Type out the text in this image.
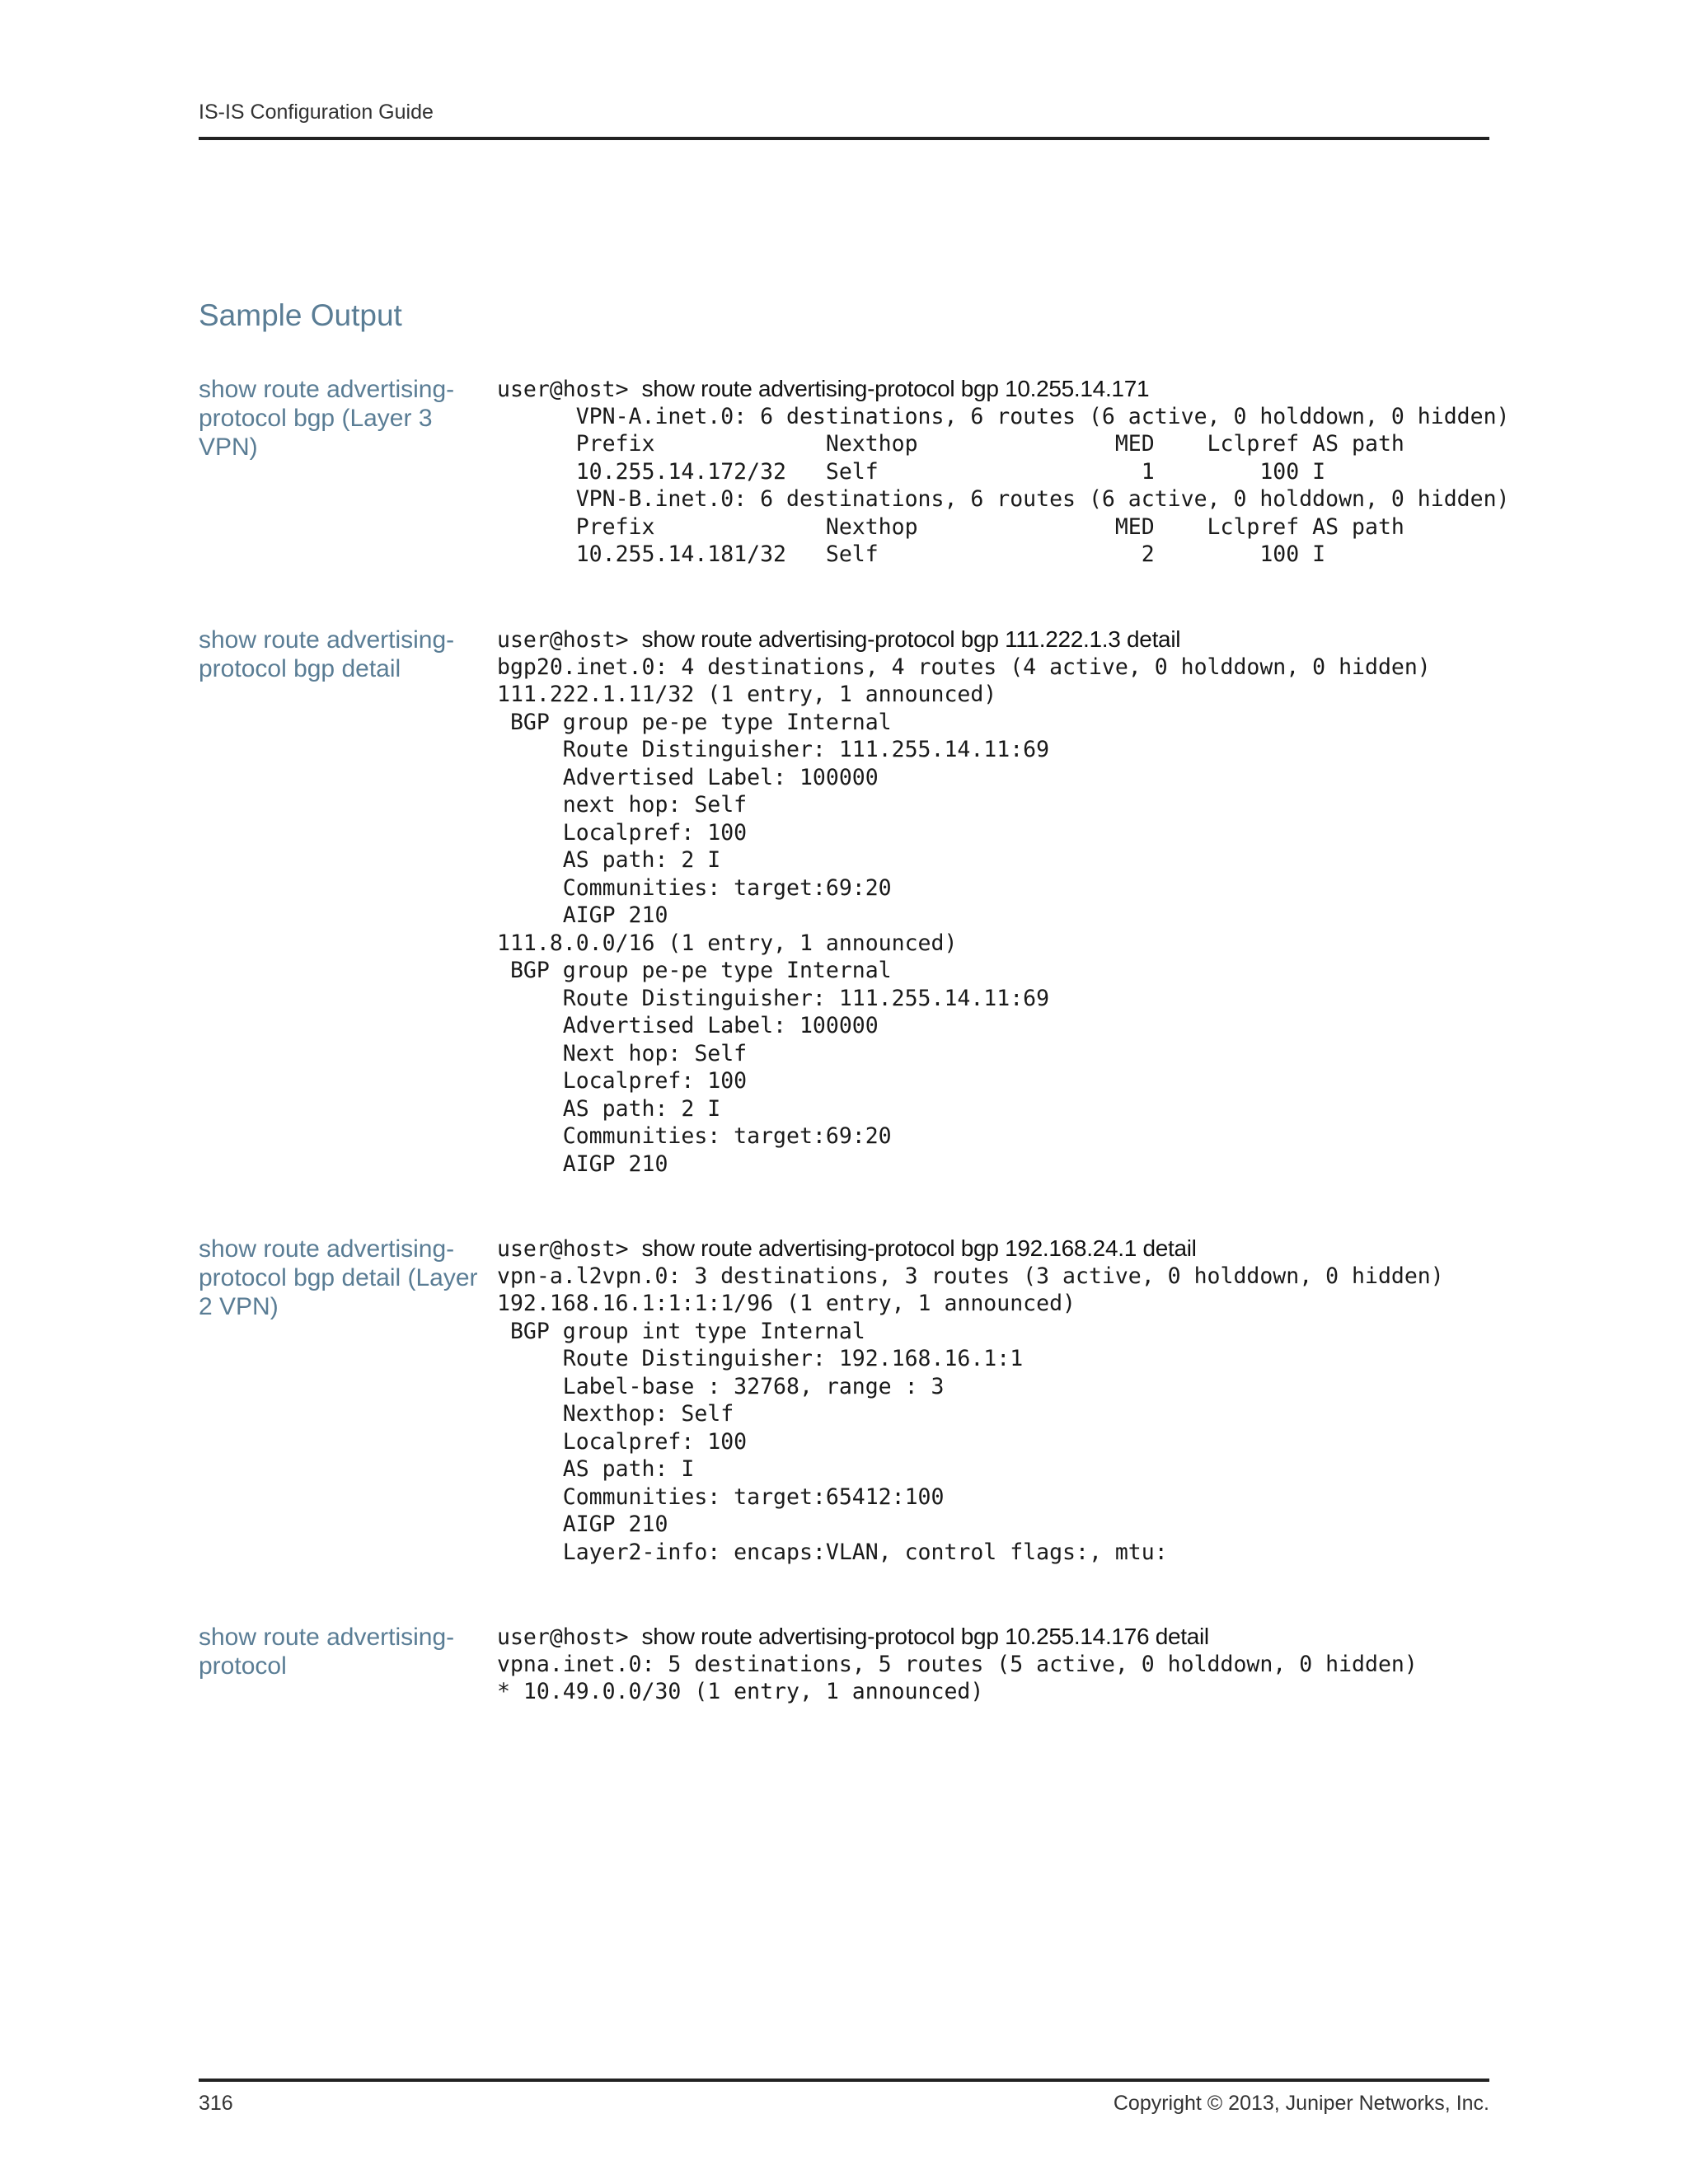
IS-IS Configuration Guide
Sample Output
show route advertising-protocol bgp (Layer 3 VPN)
user@host> show route advertising-protocol bgp 10.255.14.171
VPN-A.inet.0: 6 destinations, 6 routes (6 active, 0 holddown, 0 hidden)
Prefix             Nexthop               MED    Lclpref AS path
10.255.14.172/32   Self                    1        100 I
VPN-B.inet.0: 6 destinations, 6 routes (6 active, 0 holddown, 0 hidden)
Prefix             Nexthop               MED    Lclpref AS path
10.255.14.181/32   Self                    2        100 I
show route advertising-protocol bgp detail
user@host> show route advertising-protocol bgp 111.222.1.3 detail
bgp20.inet.0: 4 destinations, 4 routes (4 active, 0 holddown, 0 hidden)
111.222.1.11/32 (1 entry, 1 announced)
BGP group pe-pe type Internal
Route Distinguisher: 111.255.14.11:69
Advertised Label: 100000
next hop: Self
Localpref: 100
AS path: 2 I
Communities: target:69:20
AIGP 210
111.8.0.0/16 (1 entry, 1 announced)
BGP group pe-pe type Internal
Route Distinguisher: 111.255.14.11:69
Advertised Label: 100000
Next hop: Self
Localpref: 100
AS path: 2 I
Communities: target:69:20
AIGP 210
show route advertising-protocol bgp detail (Layer 2 VPN)
user@host> show route advertising-protocol bgp 192.168.24.1 detail
vpn-a.l2vpn.0: 3 destinations, 3 routes (3 active, 0 holddown, 0 hidden)
192.168.16.1:1:1:1/96 (1 entry, 1 announced)
BGP group int type Internal
Route Distinguisher: 192.168.16.1:1
Label-base : 32768, range : 3
Nexthop: Self
Localpref: 100
AS path: I
Communities: target:65412:100
AIGP 210
Layer2-info: encaps:VLAN, control flags:, mtu:
show route advertising-protocol
user@host> show route advertising-protocol bgp 10.255.14.176 detail
vpna.inet.0: 5 destinations, 5 routes (5 active, 0 holddown, 0 hidden)
* 10.49.0.0/30 (1 entry, 1 announced)
316	Copyright © 2013, Juniper Networks, Inc.
